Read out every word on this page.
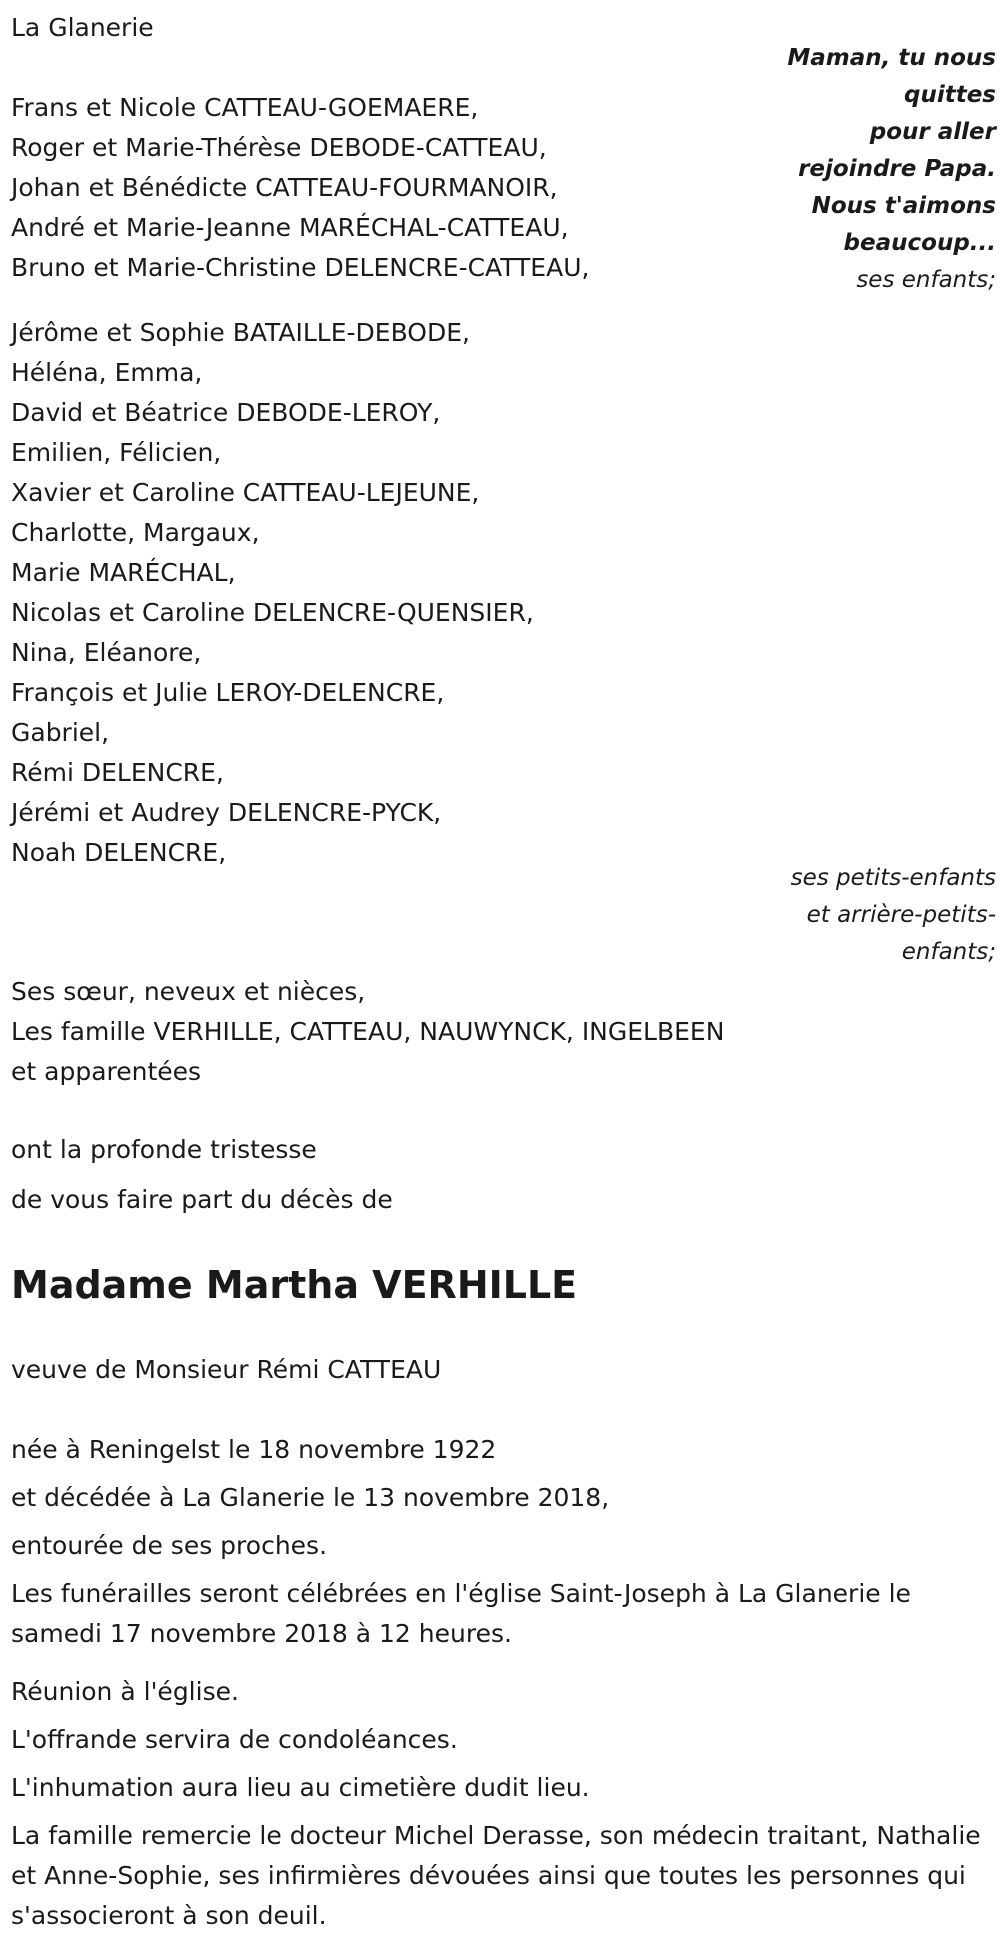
La Glanerie

Maman, tu nous
quittes
pour aller
rejoindre Papa.
Nous t'aimons
beaucoup...
ses enfants;

Frans et Nicole CATTEAU-GOEMAERE,

Roger et Marie-Thérèse DEBODE-CATTEAU,

Johan et Bénédicte CATTEAU-FOURMANOIR,

André et Marie-Jeanne MARÉCHAL-CATTEAU,

Bruno et Marie-Christine DELENCRE-CATTEAU,

Jérôme et Sophie BATAILLE-DEBODE,

Héléna, Emma,

David et Béatrice DEBODE-LEROY,

Emilien, Félicien,

Xavier et Caroline CATTEAU-LEJEUNE,

Charlotte, Margaux,

Marie MARÉCHAL,

Nicolas et Caroline DELENCRE-QUENSIER,

Nina, Eléanore,

François et Julie LEROY-DELENCRE,

Gabriel,

Rémi DELENCRE,

Jérémi et Audrey DELENCRE-PYCK,

Noah DELENCRE,

ses petits-enfants
et arrière-petits-
enfants;

Ses sœur, neveux et nièces,

Les famille VERHILLE, CATTEAU, NAUWYNCK, INGELBEEN

et apparentées

ont la profonde tristesse

de vous faire part du décès de

Madame Martha VERHILLE

veuve de Monsieur Rémi CATTEAU

née à Reningelst le 18 novembre 1922

et décédée à La Glanerie le 13 novembre 2018,

entourée de ses proches.

Les funérailles seront célébrées en l'église Saint-Joseph à La Glanerie le samedi 17 novembre 2018 à 12 heures.

Réunion à l'église.

L'offrande servira de condoléances.

L'inhumation aura lieu au cimetière dudit lieu.

La famille remercie le docteur Michel Derasse, son médecin traitant, Nathalie et Anne-Sophie, ses infirmières dévouées ainsi que toutes les personnes qui s'associeront à son deuil.
